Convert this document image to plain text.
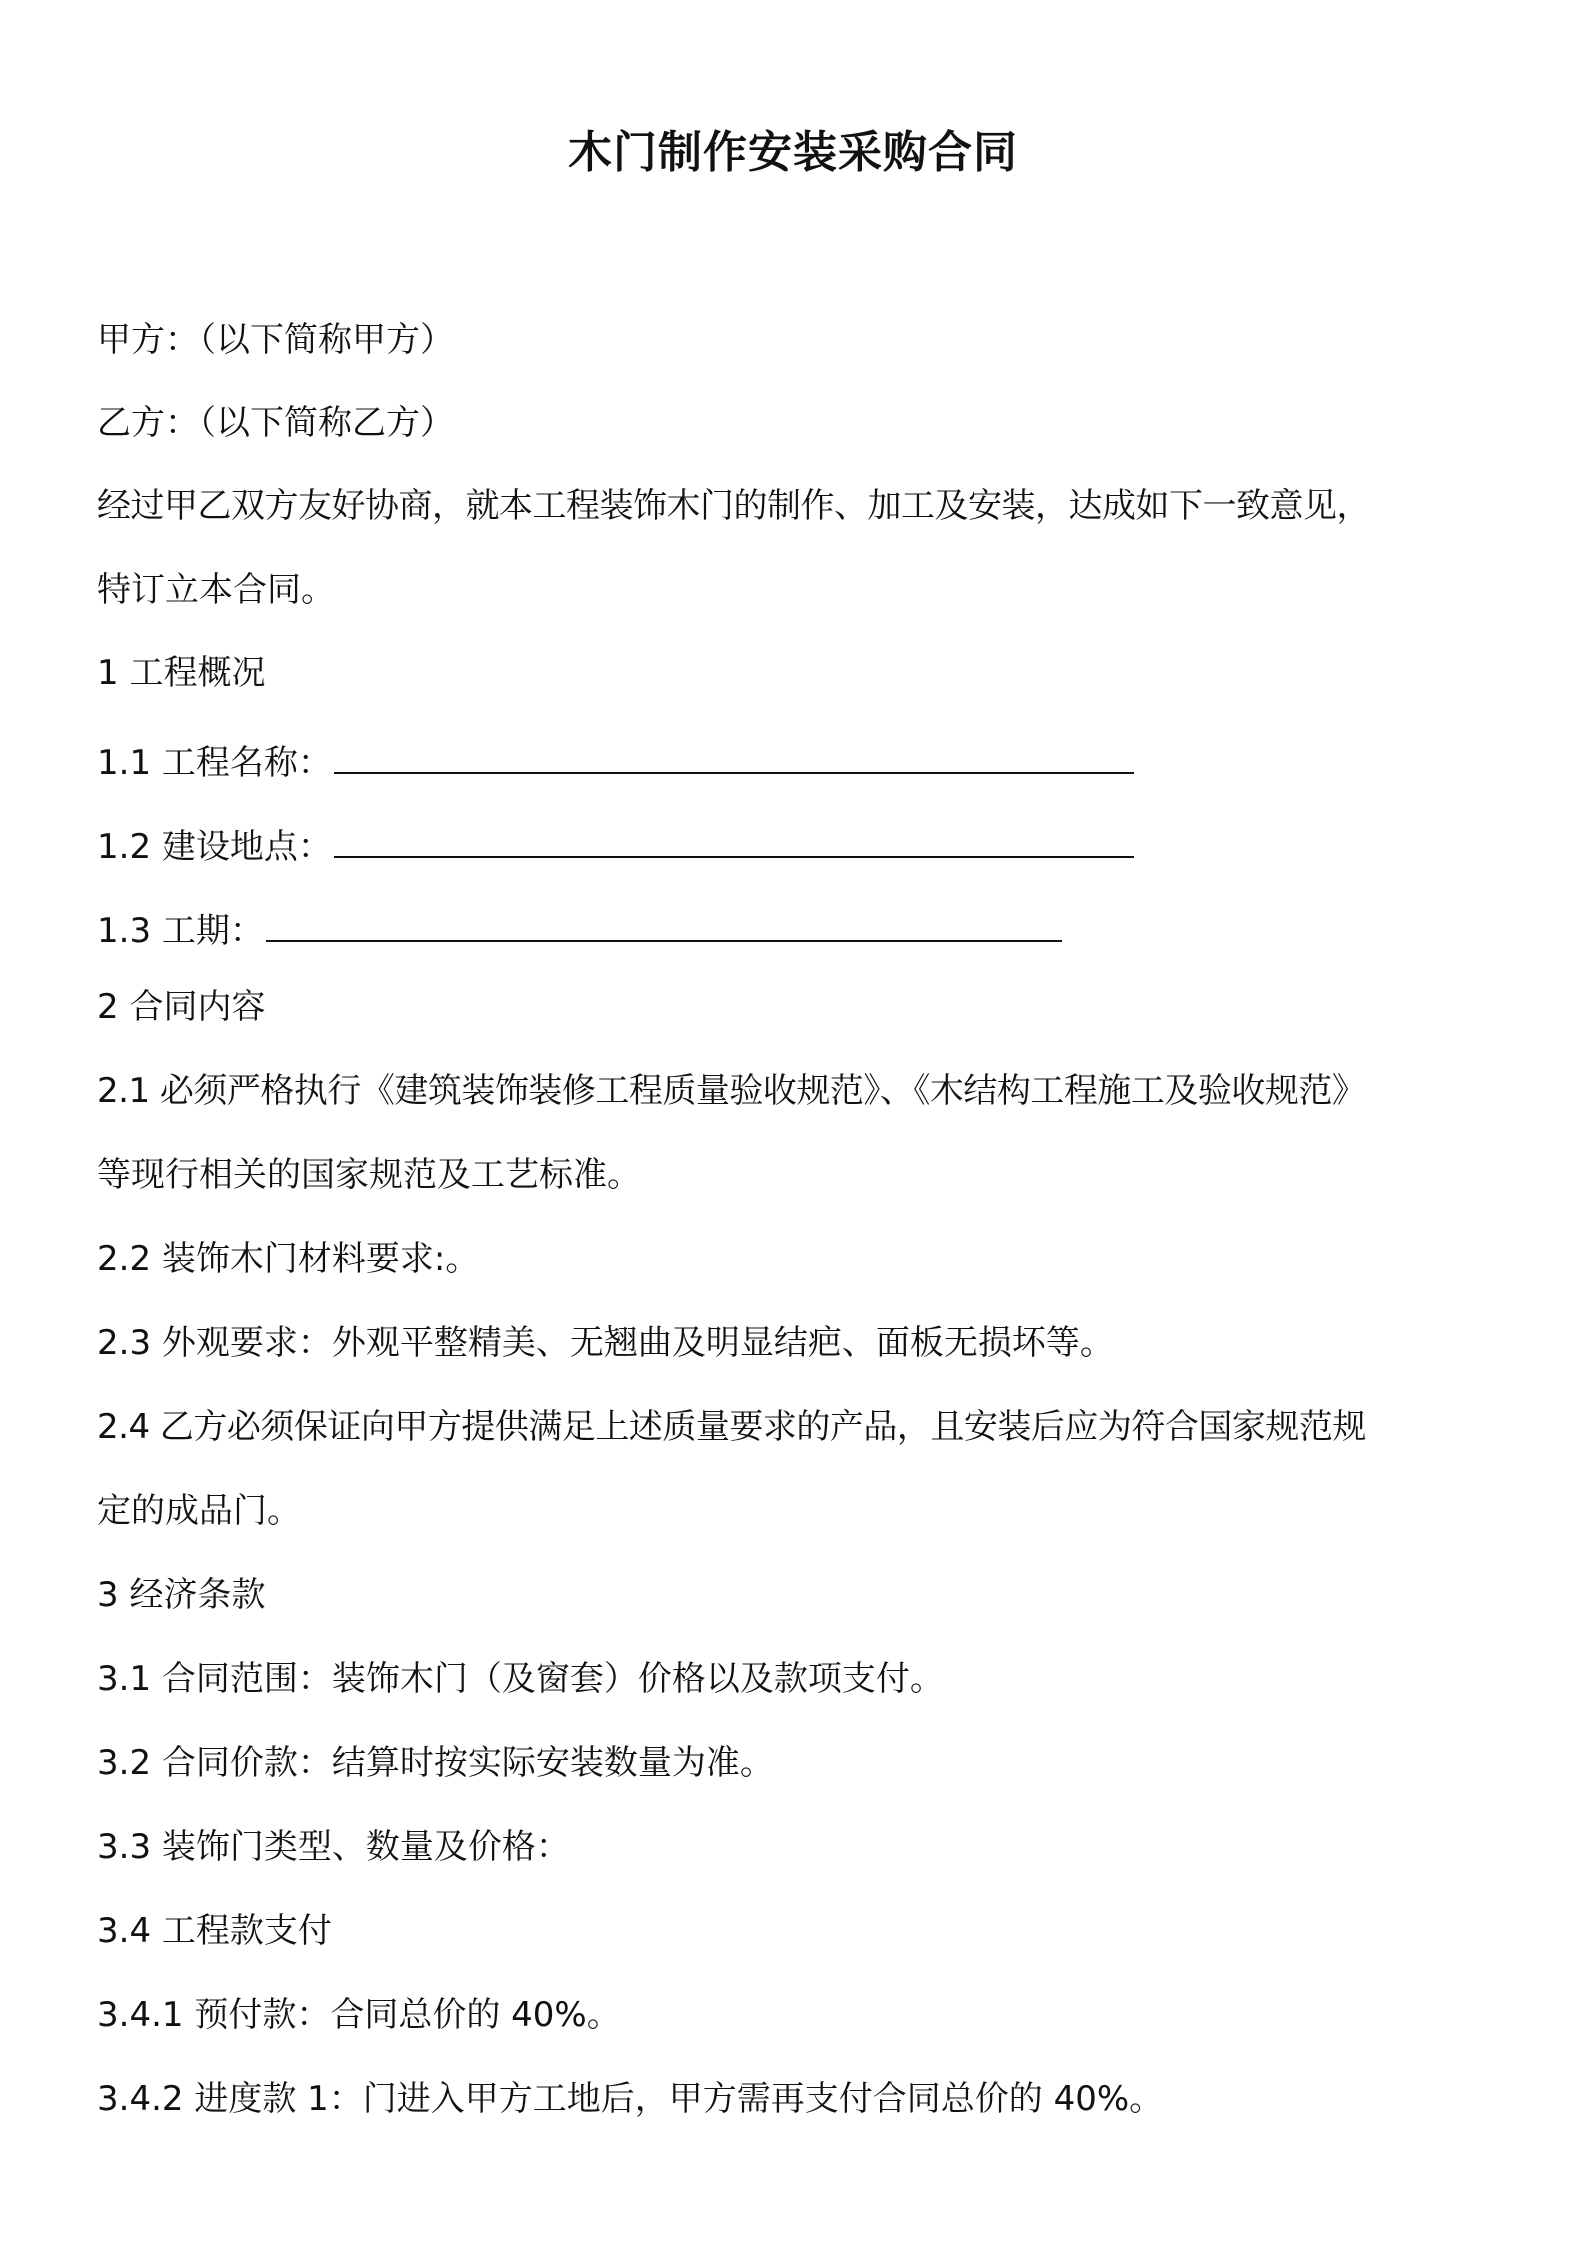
木门制作安装采购合同
甲方：（以下简称甲方）
乙方：（以下简称乙方）
经过甲乙双方友好协商，就本工程装饰木门的制作、加工及安装，达成如下一致意见，
特订立本合同。
1 工程概况
1.1 工程名称：
1.2 建设地点：
1.3 工期：
2 合同内容
2.1 必须严格执行《建筑装饰装修工程质量验收规范》、《木结构工程施工及验收规范》
等现行相关的国家规范及工艺标准。
2.2 装饰木门材料要求:。
2.3 外观要求：外观平整精美、无翘曲及明显结疤、面板无损坏等。
2.4 乙方必须保证向甲方提供满足上述质量要求的产品，且安装后应为符合国家规范规
定的成品门。
3 经济条款
3.1 合同范围：装饰木门（及窗套）价格以及款项支付。
3.2 合同价款：结算时按实际安装数量为准。
3.3 装饰门类型、数量及价格：
3.4 工程款支付
3.4.1 预付款：合同总价的 40%。
3.4.2 进度款 1：门进入甲方工地后，甲方需再支付合同总价的 40%。
